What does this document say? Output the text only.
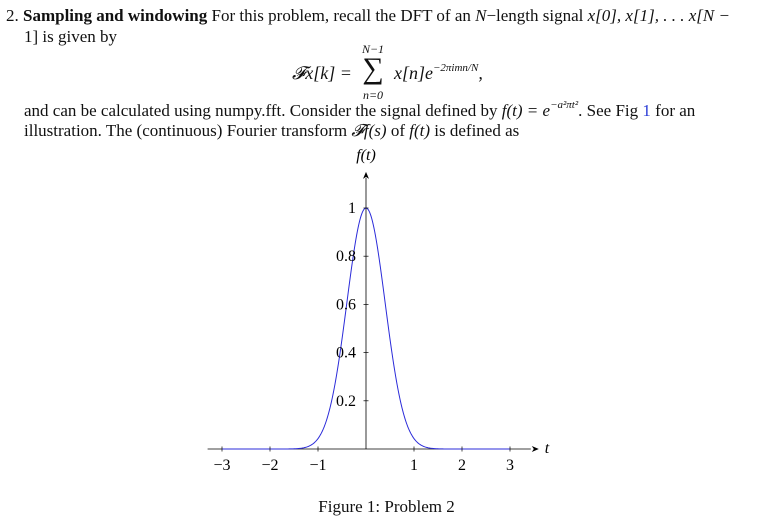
2. Sampling and windowing For this problem, recall the DFT of an N−length signal x[0], x[1], . . . x[N −
1] is given by
𝓕x[k] =
N−1
∑
n=0
$x[n]e^{-2\pi imn/N}$,
and can be calculated using numpy.fft. Consider the signal defined by $f(t) = e^{-a^2\pi t^2}$. See Fig 1 for an
illustration. The (continuous) Fourier transform 𝓕f(s) of f(t) is defined as
t
f(t)
−3 −2 −1	1	2	3
0.2
0.4
0.6
0.8
1
Figure 1: Problem 2
